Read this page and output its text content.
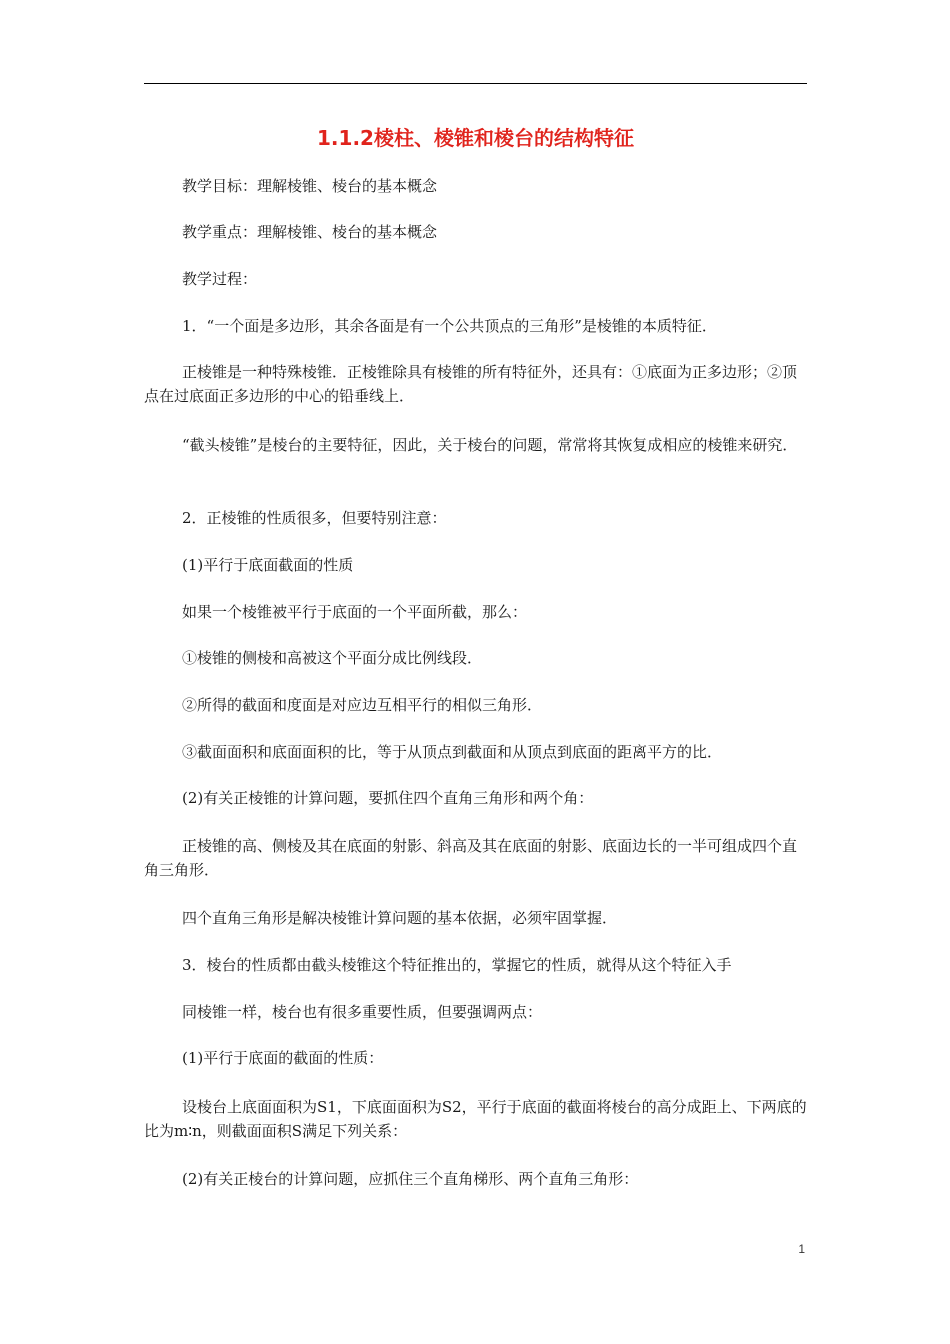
1.1.2棱柱、棱锥和棱台的结构特征
教学目标：理解棱锥、棱台的基本概念
教学重点：理解棱锥、棱台的基本概念
教学过程：
1．“一个面是多边形，其余各面是有一个公共顶点的三角形”是棱锥的本质特征．
正棱锥是一种特殊棱锥．正棱锥除具有棱锥的所有特征外，还具有：①底面为正多边形；②顶点在过底面正多边形的中心的铅垂线上．
“截头棱锥”是棱台的主要特征，因此，关于棱台的问题，常常将其恢复成相应的棱锥来研究．
2．正棱锥的性质很多，但要特别注意：
(1)平行于底面截面的性质
如果一个棱锥被平行于底面的一个平面所截，那么：
①棱锥的侧棱和高被这个平面分成比例线段．
②所得的截面和度面是对应边互相平行的相似三角形．
③截面面积和底面面积的比，等于从顶点到截面和从顶点到底面的距离平方的比．
(2)有关正棱锥的计算问题，要抓住四个直角三角形和两个角：
正棱锥的高、侧棱及其在底面的射影、斜高及其在底面的射影、底面边长的一半可组成四个直角三角形．
四个直角三角形是解决棱锥计算问题的基本依据，必须牢固掌握．
3．棱台的性质都由截头棱锥这个特征推出的，掌握它的性质，就得从这个特征入手
同棱锥一样，棱台也有很多重要性质，但要强调两点：
(1)平行于底面的截面的性质：
设棱台上底面面积为S1，下底面面积为S2，平行于底面的截面将棱台的高分成距上、下两底的比为m∶n，则截面面积S满足下列关系：
(2)有关正棱台的计算问题，应抓住三个直角梯形、两个直角三角形：
1
